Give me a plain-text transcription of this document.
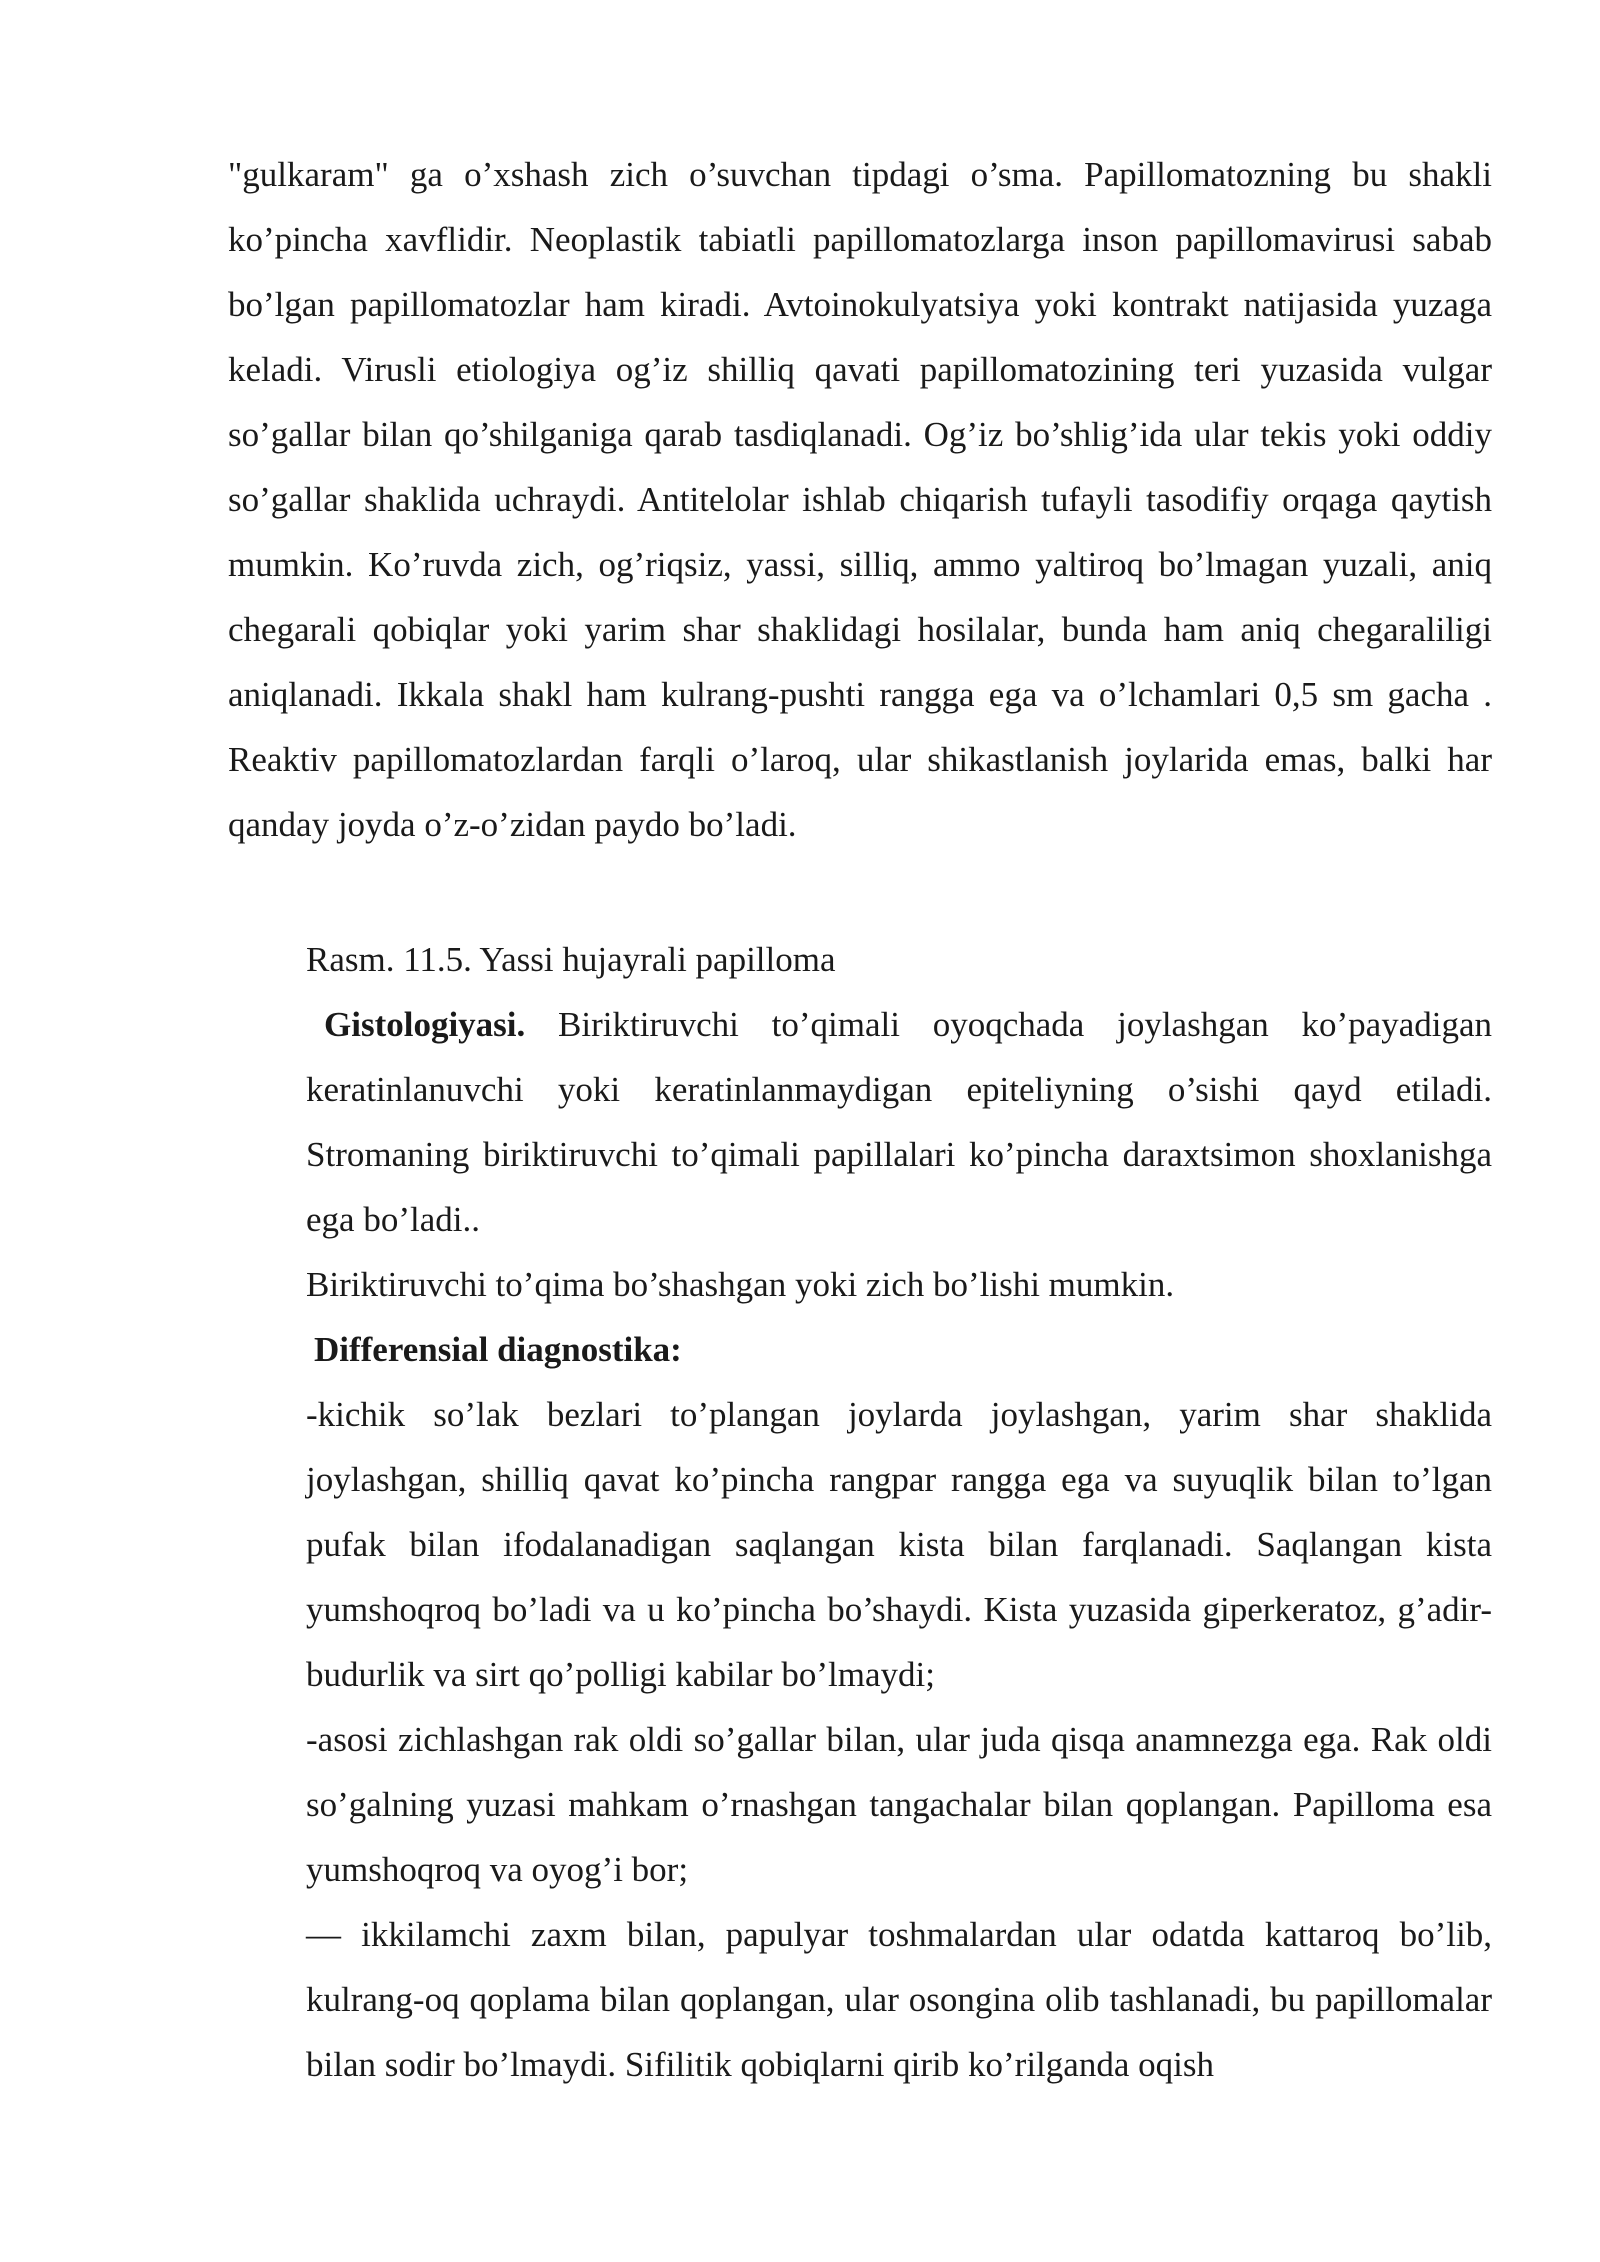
"gulkaram" ga o’xshash zich o’suvchan tipdagi o’sma. Papillomatozning bu shakli ko’pincha xavflidir. Neoplastik tabiatli papillomatozlarga inson papillomavirusi sabab bo’lgan papillomatozlar ham kiradi. Avtoinokulyatsiya yoki kontrakt natijasida yuzaga keladi. Virusli etiologiya og’iz shilliq qavati papillomatozining teri yuzasida vulgar so’gallar bilan qo’shilganiga qarab tasdiqlanadi. Og’iz bo’shlig’ida ular tekis yoki oddiy so’gallar shaklida uchraydi. Antitelolar ishlab chiqarish tufayli tasodifiy orqaga qaytish mumkin. Ko’ruvda zich, og’riqsiz, yassi, silliq, ammo yaltiroq bo’lmagan yuzali, aniq chegarali qobiqlar yoki yarim shar shaklidagi hosilalar, bunda ham aniq chegaraliligi aniqlanadi. Ikkala shakl ham kulrang-pushti rangga ega va o’lchamlari 0,5 sm gacha . Reaktiv papillomatozlardan farqli o’laroq, ular shikastlanish joylarida emas, balki har qanday joyda o’z-o’zidan paydo bo’ladi.

Rasm. 11.5. Yassi hujayrali papilloma

Gistologiyasi. Biriktiruvchi to’qimali oyoqchada joylashgan ko’payadigan keratinlanuvchi yoki keratinlanmaydigan epiteliyning o’sishi qayd etiladi. Stromaning biriktiruvchi to’qimali papillalari ko’pincha daraxtsimon shoxlanishga ega bo’ladi..

Biriktiruvchi to’qima bo’shashgan yoki zich bo’lishi mumkin.

Differensial diagnostika:

-kichik so’lak bezlari to’plangan joylarda joylashgan, yarim shar shaklida joylashgan, shilliq qavat ko’pincha rangpar rangga ega va suyuqlik bilan to’lgan pufak bilan ifodalanadigan saqlangan kista bilan farqlanadi. Saqlangan kista yumshoqroq bo’ladi va u ko’pincha bo’shaydi. Kista yuzasida giperkeratoz, g’adir-budurlik va sirt qo’polligi kabilar bo’lmaydi;

-asosi zichlashgan rak oldi so’gallar bilan, ular juda qisqa anamnezga ega. Rak oldi so’galning yuzasi mahkam o’rnashgan tangachalar bilan qoplangan. Papilloma esa yumshoqroq va oyog’i bor;

— ikkilamchi zaxm bilan, papulyar toshmalardan ular odatda kattaroq bo’lib, kulrang-oq qoplama bilan qoplangan, ular osongina olib tashlanadi, bu papillomalar bilan sodir bo’lmaydi. Sifilitik qobiqlarni qirib ko’rilganda oqish
